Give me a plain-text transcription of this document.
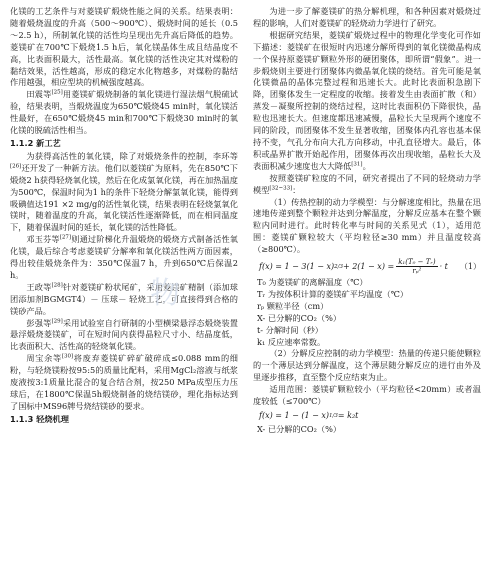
化镁的工艺条件与对菱镁矿煅烧性能之间的关系。结果表明：随着煅烧温度的升高（500～900℃）、煅烧时间的延长（0.5～2.5 h），所制氧化镁的活性均呈现出先升高后降低的趋势。菱镁矿在700℃下煅烧1.5 h后，氧化镁晶体生成且结晶度不高，比表面积最大，活性最高。氧化镁的活性决定其对煤粉的黏结效果，活性越高，形成的稳定水化物越多，对煤粉的黏结作用越强，相应型块的机械强度越高。

田震等[25]用菱镁矿煅烧制备的氧化镁进行湿法烟气脱硫试验，结果表明，当煅烧温度为650℃煅烧45 min时，氧化镁活性最好，在650℃煅烧45 min和700℃下煅烧30 min时的氧化镁的脱硫活性相当。

1.1.2 新工艺

为获得高活性的氧化镁，除了对煅烧条件的控制，李环等[26]还开发了一种新方法。他们以菱镁矿为原料，先在850℃下煅烧2 h获得轻烧氧化镁，然后在化成氯氧化镁，再在加热温度为500℃，保温时间为1 h的条件下轻烧分解氯氧化镁，能得到吸碘值达191 ×2 mg/g的活性氧化镁，结果表明在轻烧氯氧化镁时，随着温度的升高，氧化镁活性逐渐降低，而在相同温度下，随着保温时间的延长，氧化镁的活性降低。

邓玉芬等[27]则通过阶梯化升温煅烧的煅烧方式制备活性氧化镁，最后综合考虑菱镁矿分解率和氧化镁活性两方面因素，得出较佳煅烧条件为：350℃保温7 h，升到650℃后保温2 h。

王政等[28]针对菱镁矿粉状尾矿，采用菱镁矿精制（添加球团添加剂BGMGT4）－ 压球－ 轻烧工艺，可直接得到合格的镁砂产品。

彭强等[29]采用试验室自行研制的小型横梁悬浮态煅烧装置悬浮煅烧菱镁矿，可在短时间内获得晶粒尺寸小、结晶度低，比表面积大、活性高的轻烧氧化镁。

周宝余等[30]将废弃菱镁矿碎矿破碎成≤0.088 mm的细粉，与轻烧镁粉按95:5的质量比配料，采用MgCl₂溶液与纸浆废液按3:1质量比混合的复合结合剂，按250 MPa成型压力压球后，在1800℃保温5h煅烧制备的烧结镁砂，理化指标达到了国标中MS96牌号烧结镁砂的要求。

1.1.3 轻烧机理

为进一步了解菱镁矿的热分解机理，和各种因素对煅烧过程的影响，人们对菱镁矿的轻烧动力学进行了研究。

根据研究结果，菱镁矿煅烧过程中的物理化学变化可作如下描述：菱镁矿在很短时内迅速分解所得到的氧化镁微晶构成一个保持原菱镁矿颗粒外形的硬团聚体，即所谓“假象”。进一步煅烧则主要进行团聚体内微晶氧化镁的烧结。首先可能是氧化镁微晶的晶体完整过程和迅速长大。此时比表面积急剧下降，团聚体发生一定程度的收缩。接着发生由表面扩散（和）蒸发－凝聚所控制的烧结过程，这时比表面积仍下降很快，晶粒也迅速长大。但速度都迅速减慢，晶粒长大呈现两个速度不同的阶段，而团聚体不发生显著收缩，团聚体内孔容也基本保持不变，气孔分布向大孔方向移动，中孔直径增大。最后，体积或晶界扩散开始起作用，团聚体再次出现收缩，晶粒长大及表面积减少速度也大大降低[31]。

按照菱镁矿粒度的不同，研究者提出了不同的轻烧动力学模型[32~33]：

（1）传热控制的动力学模型：与分解速度相比，热量在迅速地传递到整个颗粒并达到分解温度，分解反应基本在整个颗粒内同时进行。此时转化率与时间的关系见式（1），适用范围：菱镁矿颗粒较大（平均粒径≥30 mm）并且温度较高（≥800℃）。

f(x) = 1 − 3(1 − x) $2/3 + 2(1 - x) = \frac{\text{k₁(T₀ − Tᵣ)}}{\text{rₚ²}} \cdot t$ （1）

T₀ 为菱镁矿的离解温度（℃）

Tᵣ 为按体积计算的菱镁矿平均温度（℃）

rₚ 颗粒半径（cm）

X- 已分解的CO₂（%）

t- 分解时间（秒）

k₁ 反应速率常数。

（2）分解反应控制的动力学模型：热量的传递只能使颗粒的一个薄层达到分解温度，这个薄层随分解反应的进行由外及里逐步推移，直至整个反应结束为止。

适用范围：菱镁矿颗粒较小（平均粒径<20mm）或者温度较低（≤700℃）

f(x) = 1 − (1 − x) 1/3 = k₂t

X- 已分解的CO₂（%）

物
